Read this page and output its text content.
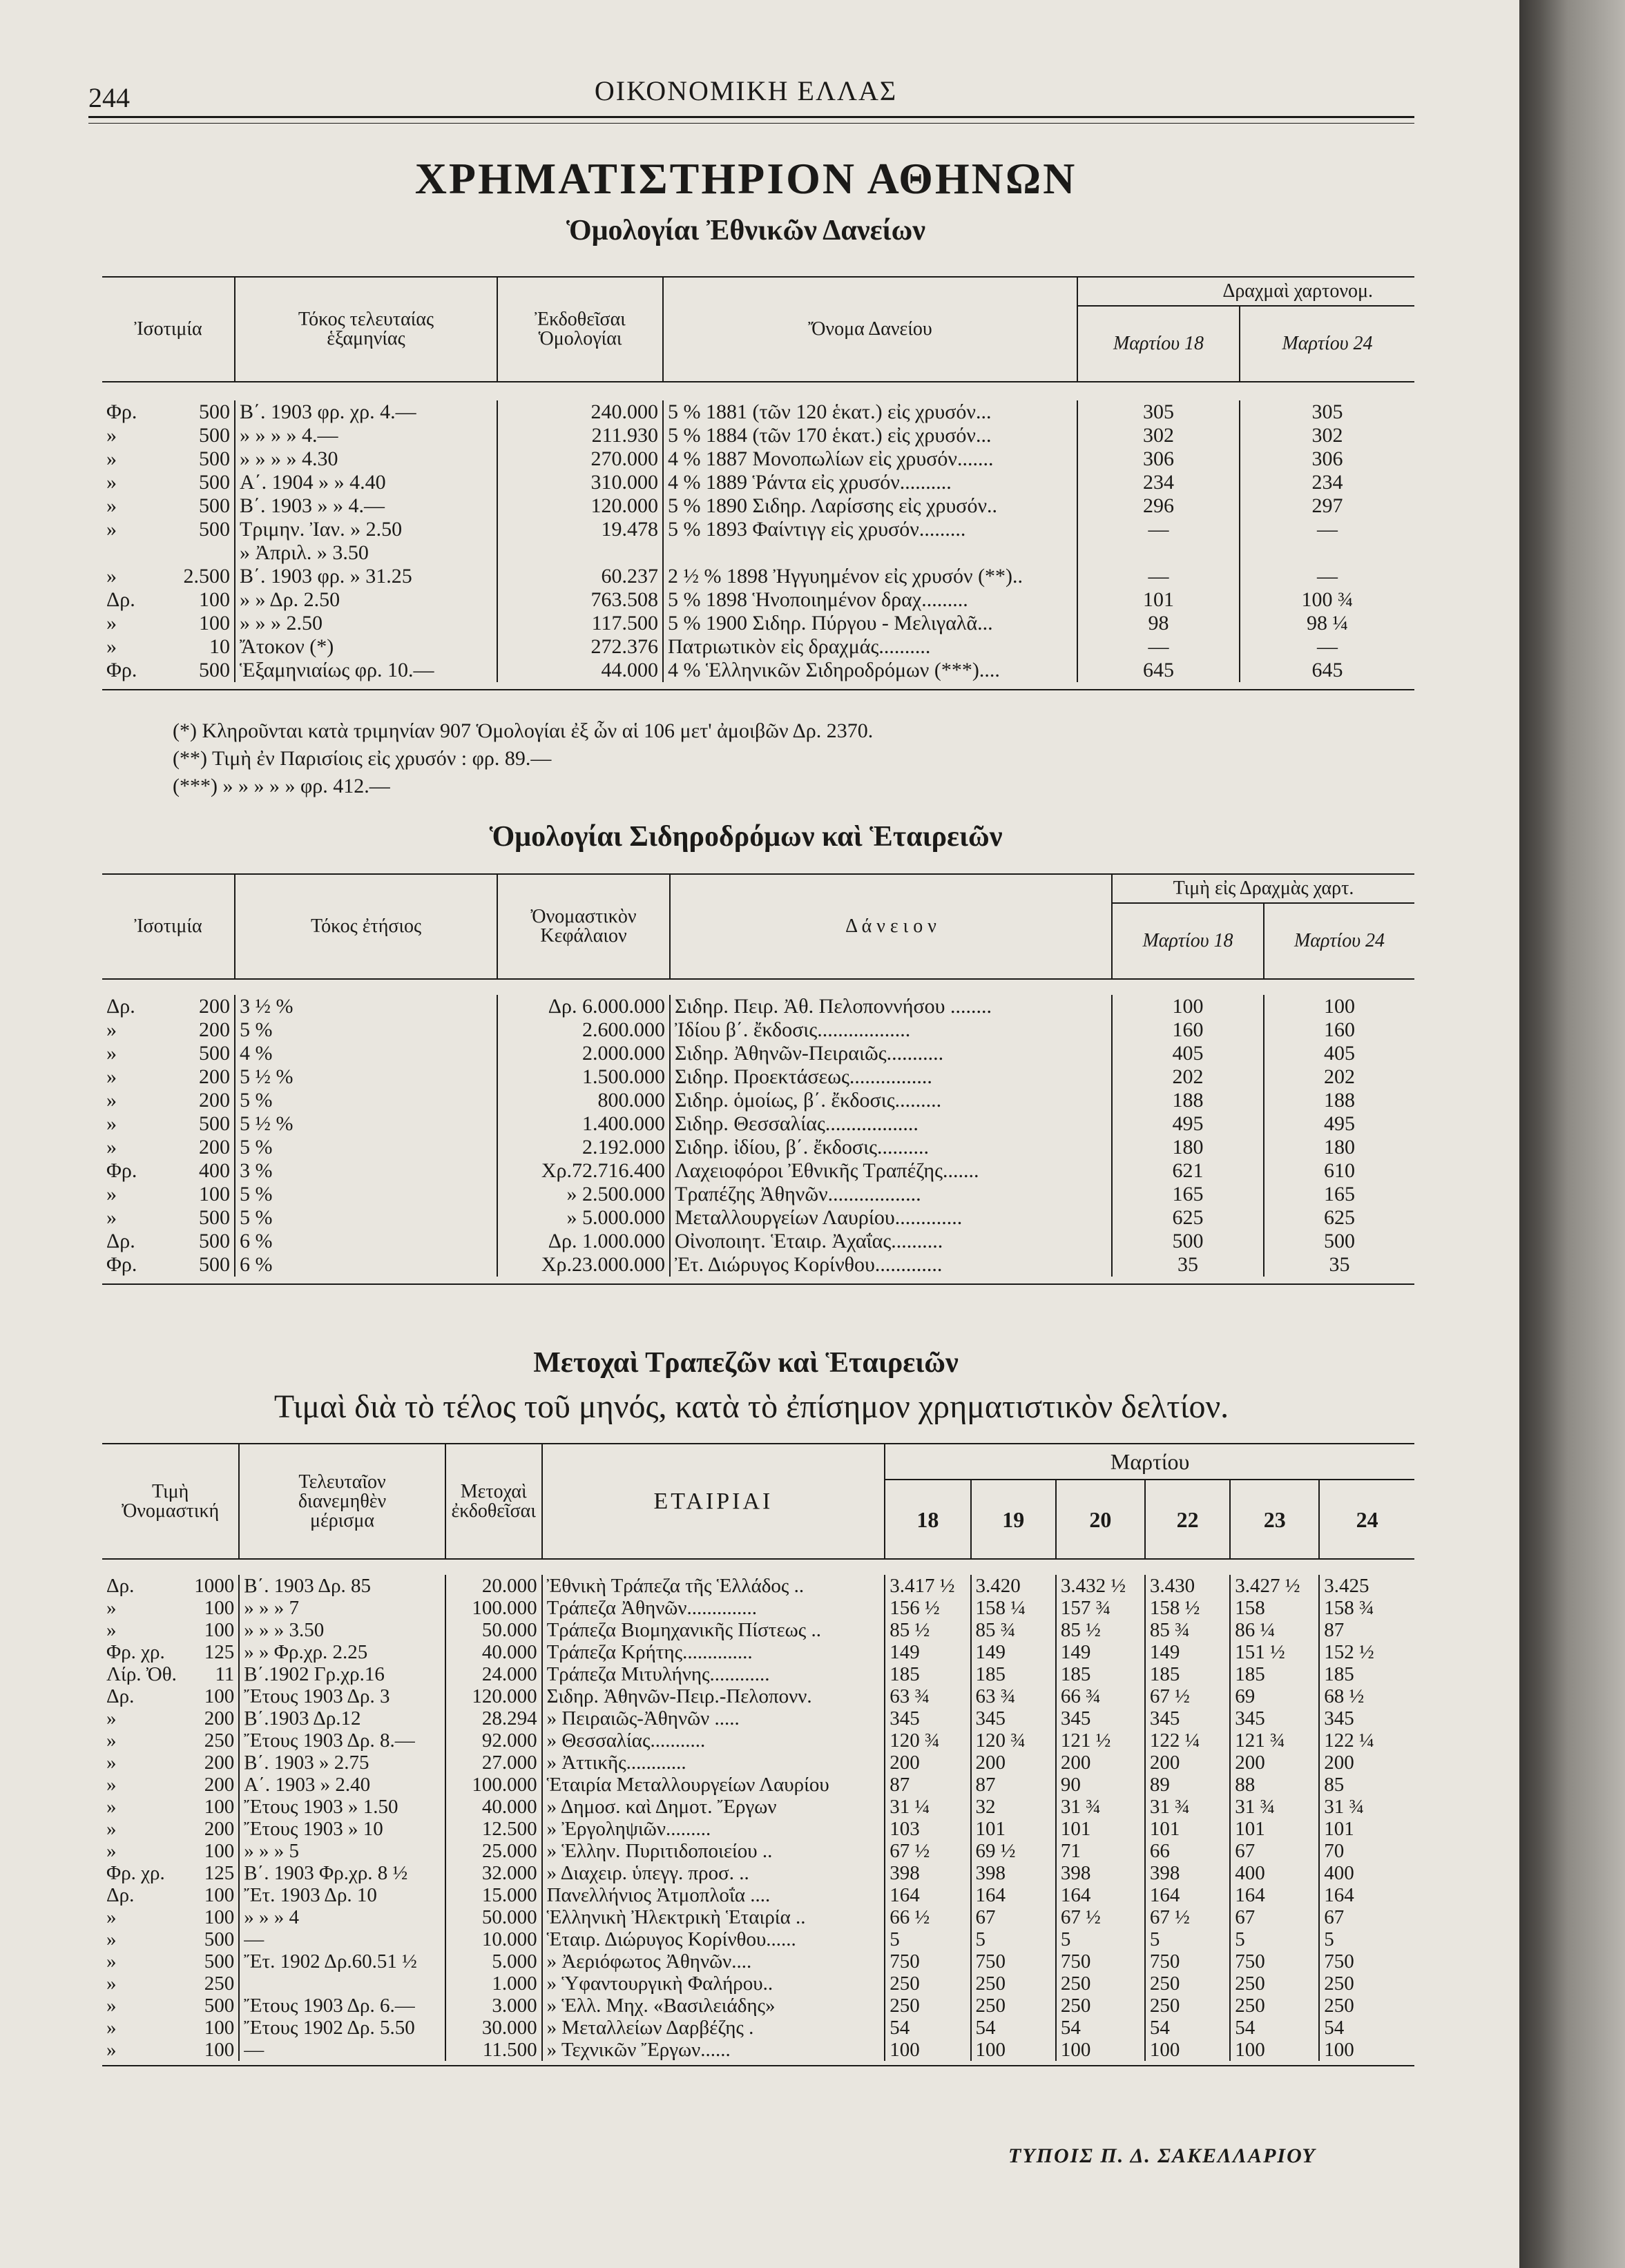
244	ΟΙΚΟΝΟΜΙΚΗ ΕΛΛΑΣ
ΧΡΗΜΑΤΙΣΤΗΡΙΟΝ ΑΘΗΝΩΝ
Ὁμολογίαι Ἐθνικῶν Δανείων
Ἰσοτιμία		Τόκος τελευταίας ἑξαμηνίας	Ἐκδοθεῖσαι Ὁμολογίαι	Ὄνομα Δανείου	Δραχμαὶ χαρτονομ.	
					Μαρτίου 18	Μαρτίου 24

Φρ.	500	Β΄. 1903 φρ. χρ. 4.—	240.000	5 % 1881 (τῶν 120 ἑκατ.) εἰς χρυσόν...	305	305
»	500	» » » » 4.—	211.930	5 % 1884 (τῶν 170 ἑκατ.) εἰς χρυσόν...	302	302
»	500	» » » » 4.30	270.000	4 % 1887 Μονοπωλίων εἰς χρυσόν.......	306	306
»	500	Α΄. 1904 » » 4.40	310.000	4 % 1889 Ῥάντα εἰς χρυσόν..........	234	234
»	500	Β΄. 1903 » » 4.—	120.000	5 % 1890 Σιδηρ. Λαρίσσης εἰς χρυσόν..	296	297
»	500	Τριμην. Ἰαν. » 2.50	19.478	5 % 1893 Φαίντιγγ εἰς χρυσόν.........	—	—
		» Ἀπριλ. » 3.50				
»	2.500	Β΄. 1903 φρ. » 31.25	60.237	2 ½ % 1898 Ἠγγυημένον εἰς χρυσόν (**)..	—	—
Δρ.	100	» » Δρ. 2.50	763.508	5 % 1898 Ἡνοποιημένον δραχ.........	101	100 ¾
»	100	» » » 2.50	117.500	5 % 1900 Σιδηρ. Πύργου - Μελιγαλᾶ...	98	98 ¼
»	10	Ἄτοκον (*)	272.376	Πατριωτικὸν εἰς δραχμάς..........	—	—
Φρ.	500	Ἑξαμηνιαίως φρ. 10.—	44.000	4 % Ἑλληνικῶν Σιδηροδρόμων (***)....	645	645

(*) Κληροῦνται κατὰ τριμηνίαν 907 Ὁμολογίαι ἐξ ὧν αἱ 106 μετ' ἀμοιβῶν Δρ. 2370.
(**) Τιμὴ ἐν Παρισίοις εἰς χρυσόν : φρ. 89.—
(***) » » » » » φρ. 412.—
Ὁμολογίαι Σιδηροδρόμων καὶ Ἑταιρειῶν
Ἰσοτιμία		Τόκος ἐτήσιος	Ὀνομαστικὸν Κεφάλαιον	Δ ά ν ε ι ο ν	Τιμὴ εἰς Δραχμὰς χαρτ.	
					Μαρτίου 18	Μαρτίου 24

Δρ.	200	3 ½ %	Δρ. 6.000.000	Σιδηρ. Πειρ. Ἀθ. Πελοποννήσου ........	100	100
»	200	5 %	2.600.000	Ἰδίου β΄. ἔκδοσις..................	160	160
»	500	4 %	2.000.000	Σιδηρ. Ἀθηνῶν-Πειραιῶς...........	405	405
»	200	5 ½ %	1.500.000	Σιδηρ. Προεκτάσεως................	202	202
»	200	5 %	800.000	Σιδηρ. ὁμοίως, β΄. ἔκδοσις.........	188	188
»	500	5 ½ %	1.400.000	Σιδηρ. Θεσσαλίας..................	495	495
»	200	5 %	2.192.000	Σιδηρ. ἰδίου, β΄. ἔκδοσις..........	180	180
Φρ.	400	3 %	Χρ.72.716.400	Λαχειοφόροι Ἐθνικῆς Τραπέζης.......	621	610
»	100	5 %	» 2.500.000	Τραπέζης Ἀθηνῶν..................	165	165
»	500	5 %	» 5.000.000	Μεταλλουργείων Λαυρίου.............	625	625
Δρ.	500	6 %	Δρ. 1.000.000	Οἰνοποιητ. Ἑταιρ. Ἀχαΐας..........	500	500
Φρ.	500	6 %	Χρ.23.000.000	Ἐτ. Διώρυγος Κορίνθου.............	35	35

Μετοχαὶ Τραπεζῶν καὶ Ἑταιρειῶν
Τιμαὶ διὰ τὸ τέλος τοῦ μηνός, κατὰ τὸ ἐπίσημον χρηματιστικὸν δελτίον.
Τιμὴ Ὀνομαστική		Τελευταῖον διανεμηθὲν μέρισμα	Μετοχαὶ ἐκδοθεῖσαι	ΕΤΑΙΡΙΑΙ	Μαρτίου					
					18	19	20	22	23	24

Δρ.	1000	Β΄. 1903 Δρ. 85	20.000	Ἐθνικὴ Τράπεζα τῆς Ἑλλάδος ..	3.417 ½	3.420	3.432 ½	3.430	3.427 ½	3.425
»	100	» » » 7	100.000	Τράπεζα Ἀθηνῶν..............	156 ½	158 ¼	157 ¾	158 ½	158	158 ¾
»	100	» » » 3.50	50.000	Τράπεζα Βιομηχανικῆς Πίστεως ..	85 ½	85 ¾	85 ½	85 ¾	86 ¼	87
Φρ. χρ.	125	» » Φρ.χρ. 2.25	40.000	Τράπεζα Κρήτης..............	149	149	149	149	151 ½	152 ½
Λίρ. Ὀθ.	11	Β΄.1902 Γρ.χρ.16	24.000	Τράπεζα Μιτυλήνης............	185	185	185	185	185	185
Δρ.	100	Ἔτους 1903 Δρ. 3	120.000	Σιδηρ. Ἀθηνῶν-Πειρ.-Πελοπονν.	63 ¾	63 ¾	66 ¾	67 ½	69	68 ½
»	200	Β΄.1903 Δρ.12	28.294	» Πειραιῶς-Ἀθηνῶν .....	345	345	345	345	345	345
»	250	Ἔτους 1903 Δρ. 8.—	92.000	» Θεσσαλίας...........	120 ¾	120 ¾	121 ½	122 ¼	121 ¾	122 ¼
»	200	Β΄. 1903 » 2.75	27.000	» Ἀττικῆς............	200	200	200	200	200	200
»	200	Α΄. 1903 » 2.40	100.000	Ἑταιρία Μεταλλουργείων Λαυρίου	87	87	90	89	88	85
»	100	Ἔτους 1903 » 1.50	40.000	» Δημοσ. καὶ Δημοτ. Ἔργων	31 ¼	32	31 ¾	31 ¾	31 ¾	31 ¾
»	200	Ἔτους 1903 » 10	12.500	» Ἐργοληψιῶν.........	103	101	101	101	101	101
»	100	» » » 5	25.000	» Ἑλλην. Πυριτιδοποιείου ..	67 ½	69 ½	71	66	67	70
Φρ. χρ.	125	Β΄. 1903 Φρ.χρ. 8 ½	32.000	» Διαχειρ. ὑπεγγ. προσ. ..	398	398	398	398	400	400
Δρ.	100	Ἔτ. 1903 Δρ. 10	15.000	Πανελλήνιος Ἀτμοπλοΐα ....	164	164	164	164	164	164
»	100	» » » 4	50.000	Ἑλληνικὴ Ἠλεκτρικὴ Ἑταιρία ..	66 ½	67	67 ½	67 ½	67	67
»	500	—	10.000	Ἑταιρ. Διώρυγος Κορίνθου......	5	5	5	5	5	5
»	500	Ἔτ. 1902 Δρ.60.51 ½	5.000	» Ἀεριόφωτος Ἀθηνῶν....	750	750	750	750	750	750
»	250		1.000	» Ὑφαντουργικὴ Φαλήρου..	250	250	250	250	250	250
»	500	Ἔτους 1903 Δρ. 6.—	3.000	» Ἑλλ. Μηχ. «Βασιλειάδης»	250	250	250	250	250	250
»	100	Ἔτους 1902 Δρ. 5.50	30.000	» Μεταλλείων Δαρβέζης .	54	54	54	54	54	54
»	100	—	11.500	» Τεχνικῶν Ἔργων......	100	100	100	100	100	100

ΤΥΠΟΙΣ Π. Δ. ΣΑΚΕΛΛΑΡΙΟΥ
